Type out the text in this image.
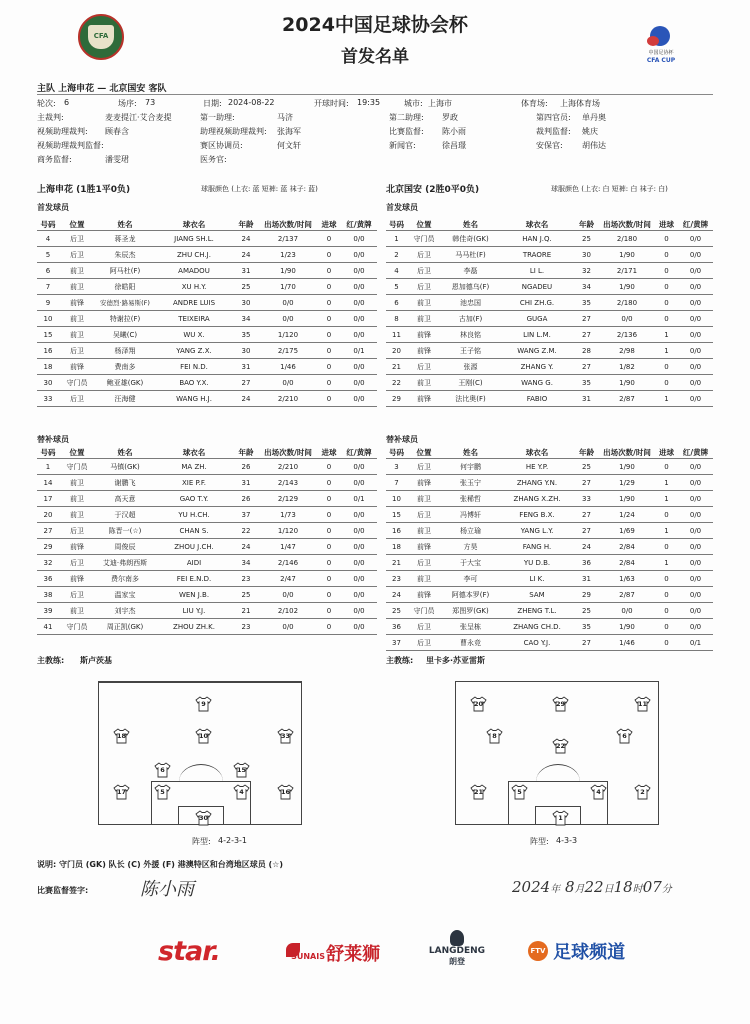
CFA	2024中国足球协会杯
首发名单	中国足协杯
CFA CUP
主队 上海申花 — 北京国安 客队
轮次: 6	场序: 73	日期: 2024-08-22	开球时间: 19:35	城市: 上海市	体育场: 上海体育场
主裁判:	麦麦提江·艾合麦提	第一助理:	马济	第二助理: 罗政	第四官员: 单丹奥
视频助理裁判: 顾春含	助理视频助理裁判: 张海军	比赛监督: 陈小雨	裁判监督: 姚庆
视频助理裁判监督:	赛区协调员:	何文轩	新闻官:	徐昌璟	安保官: 胡伟达
商务监督:	潘雯珺	医务官:
上海申花 (1胜1平0负)	球服颜色 (上衣: 蓝 短裤: 蓝 袜子: 蓝)	北京国安 (2胜0平0负)	球服颜色 (上衣: 白 短裤: 白 袜子: 白)
首发球员	首发球员
号码	位置	姓名	球衣名	年龄	出场次数/时间	进球	红/黄牌
4	后卫	蒋圣龙	JIANG SH.L.	24	2/137	0	0/0
5	后卫	朱辰杰	ZHU CH.J.	24	1/23	0	0/0
6	前卫	阿马杜(F)	AMADOU	31	1/90	0	0/0
7	前卫	徐皓阳	XU H.Y.	25	1/70	0	0/0
9	前锋	安德烈·路易斯(F)	ANDRE LUIS	30	0/0	0	0/0
10	前卫	特谢拉(F)	TEIXEIRA	34	0/0	0	0/0
15	前卫	吴曦(C)	WU X.	35	1/120	0	0/0
16	后卫	杨泽翔	YANG Z.X.	30	2/175	0	0/1
18	前锋	费南多	FEI N.D.	31	1/46	0	0/0
30	守门员	鲍亚雄(GK)	BAO Y.X.	27	0/0	0	0/0
33	后卫	汪海健	WANG H.J.	24	2/210	0	0/0
号码	位置	姓名	球衣名	年龄	出场次数/时间	进球	红/黄牌
1	守门员	韩佳奇(GK)	HAN J.Q.	25	2/180	0	0/0
2	后卫	马马杜(F)	TRAORE	30	1/90	0	0/0
4	后卫	李磊	LI L.	32	2/171	0	0/0
5	后卫	恩加德乌(F)	NGADEU	34	1/90	0	0/0
6	前卫	池忠国	CHI ZH.G.	35	2/180	0	0/0
8	前卫	古加(F)	GUGA	27	0/0	0	0/0
11	前锋	林良铭	LIN L.M.	27	2/136	1	0/0
20	前锋	王子铭	WANG Z.M.	28	2/98	1	0/0
21	后卫	张源	ZHANG Y.	27	1/82	0	0/0
22	前卫	王刚(C)	WANG G.	35	1/90	0	0/0
29	前锋	法比奥(F)	FABIO	31	2/87	1	0/0
替补球员	替补球员
号码	位置	姓名	球衣名	年龄	出场次数/时间	进球	红/黄牌
1	守门员	马镇(GK)	MA ZH.	26	2/210	0	0/0
14	前卫	谢鹏飞	XIE P.F.	31	2/143	0	0/0
17	前卫	高天意	GAO T.Y.	26	2/129	0	0/1
20	前卫	于汉超	YU H.CH.	37	1/73	0	0/0
27	后卫	陈晋一(☆)	CHAN S.	22	1/120	0	0/0
29	前锋	周俊辰	ZHOU J.CH.	24	1/47	0	0/0
32	后卫	艾迪·弗朗西斯	AIDI	34	2/146	0	0/0
36	前锋	费尔南多	FEI E.N.D.	23	2/47	0	0/0
38	后卫	温家宝	WEN J.B.	25	0/0	0	0/0
39	前卫	刘宇杰	LIU Y.J.	21	2/102	0	0/0
41	守门员	周正凯(GK)	ZHOU ZH.K.	23	0/0	0	0/0
号码	位置	姓名	球衣名	年龄	出场次数/时间	进球	红/黄牌
3	后卫	何宇鹏	HE Y.P.	25	1/90	0	0/0
7	前锋	张玉宁	ZHANG Y.N.	27	1/29	1	0/0
10	前卫	张稀哲	ZHANG X.ZH.	33	1/90	1	0/0
15	后卫	冯博轩	FENG B.X.	27	1/24	0	0/0
16	前卫	杨立瑜	YANG L.Y.	27	1/69	1	0/0
18	前锋	方昊	FANG H.	24	2/84	0	0/0
21	后卫	于大宝	YU D.B.	36	2/84	1	0/0
23	前卫	李可	LI K.	31	1/63	0	0/0
24	前锋	阿德本罗(F)	SAM	29	2/87	0	0/0
25	守门员	郑图罗(GK)	ZHENG T.L.	25	0/0	0	0/0
36	后卫	张呈栋	ZHANG CH.D.	35	1/90	0	0/0
37	后卫	曹永竞	CAO Y.J.	27	1/46	0	0/1
主教练: 斯卢茨基	主教练: 里卡多·苏亚雷斯
9
18	10	33
6	15
17	5	4	16
30
阵型: 4-2-3-1
20	29	11
8
22
6
21	5	4	2
1
阵型: 4-3-3
说明: 守门员 (GK) 队长 (C) 外援 (F) 港澳特区和台湾地区球员 (☆)
比赛监督签字:	陈小雨	2024年 8月22日18时07分
star.	$^{SUNAIS}$ 舒莱狮	LANGDENG
朗登
FTV 足球频道
